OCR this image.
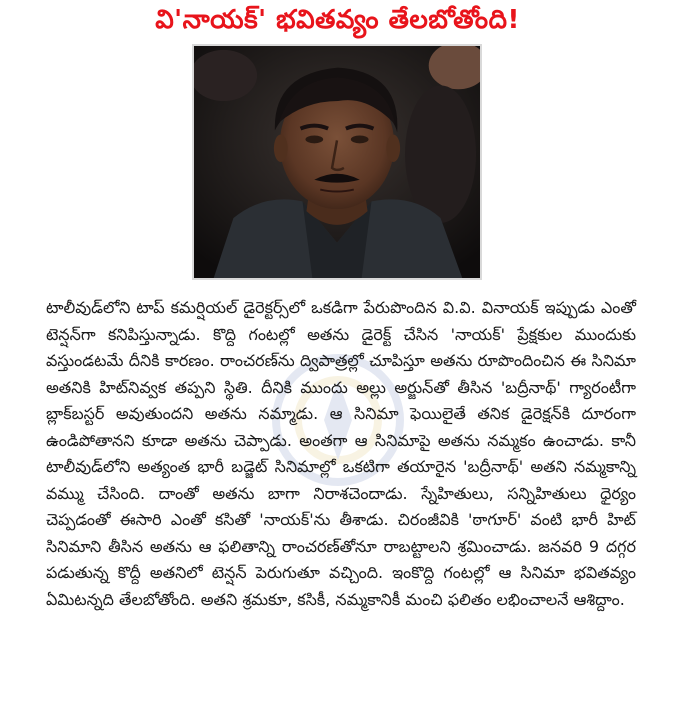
వి'నాయక్' భవితవ్యం తేలబోతోంది!

టాలీవుడ్‌లోని టాప్ కమర్షియల్ డైరెక్టర్స్‌లో ఒకడిగా పేరుపొందిన వి.వి. వినాయక్ ఇప్పుడు ఎంతో టెన్షన్‌గా కనిపిస్తున్నాడు. కొద్ది గంటల్లో అతను డైరెక్ట్ చేసిన 'నాయక్' ప్రేక్షకుల ముందుకు వస్తుండటమే దీనికి కారణం. రాంచరణ్‌ను ద్విపాత్రల్లో చూపిస్తూ అతను రూపొందించిన ఈ సినిమా అతనికి హిట్‌నివ్వక తప్పని స్థితి. దీనికి ముందు అల్లు అర్జున్‌తో తీసిన 'బద్రీనాథ్' గ్యారంటీగా బ్లాక్‌బస్టర్ అవుతుందని అతను నమ్మాడు. ఆ సినిమా ఫెయిలైతే తనిక డైరెక్షన్‌కి దూరంగా ఉండిపోతానని కూడా అతను చెప్పాడు. అంతగా ఆ సినిమాపై అతను నమ్మకం ఉంచాడు. కానీ టాలీవుడ్‌లోని అత్యంత భారీ బడ్జెట్ సినిమాల్లో ఒకటిగా తయారైన 'బద్రీనాథ్' అతని నమ్మకాన్ని వమ్ము చేసింది. దాంతో అతను బాగా నిరాశచెందాడు. స్నేహితులు, సన్నిహితులు ధైర్యం చెప్పడంతో ఈసారి ఎంతో కసితో 'నాయక్'ను తీశాడు. చిరంజీవికి 'ఠాగూర్' వంటి భారీ హిట్ సినిమాని తీసిన అతను ఆ ఫలితాన్ని రాంచరణ్‌తోనూ రాబట్టాలని శ్రమించాడు. జనవరి 9 దగ్గర పడుతున్న కొద్దీ అతనిలో టెన్షన్ పెరుగుతూ వచ్చింది. ఇంకొద్ది గంటల్లో ఆ సినిమా భవితవ్యం ఏమిటన్నది తేలబోతోంది. అతని శ్రమకూ, కసికీ, నమ్మకానికీ మంచి ఫలితం లభించాలనే ఆశిద్దాం.
